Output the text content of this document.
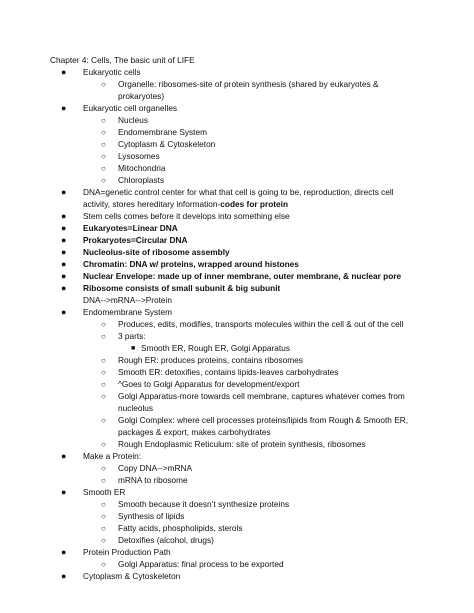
Chapter 4: Cells, The basic unit of LIFE
● Eukaryotic cells
○ Organelle: ribosomes-site of protein synthesis (shared by eukaryotes &
prokaryotes)
● Eukaryotic cell organelles
○ Nucleus
○ Endomembrane System
○ Cytoplasm & Cytoskeleton
○ Lysosomes
○ Mitochondria
○ Chloroplasts
● DNA=genetic control center for what that cell is going to be, reproduction, directs cell
activity, stores hereditary information-codes for protein
● Stem cells comes before it develops into something else
● Eukaryotes=Linear DNA
● Prokaryotes=Circular DNA
● Nucleolus-site of ribosome assembly
● Chromatin: DNA w/ proteins, wrapped around histones
● Nuclear Envelope: made up of inner membrane, outer membrane, & nuclear pore
● Ribosome consists of small subunit & big subunit
DNA-->mRNA-->Protein
● Endomembrane System
○ Produces, edits, modifies, transports molecules within the cell & out of the cell
○ 3 parts:
■ Smooth ER, Rough ER, Golgi Apparatus
○ Rough ER: produces proteins, contains ribosomes
○ Smooth ER: detoxifies, contains lipids-leaves carbohydrates
○ ^Goes to Golgi Apparatus for development/export
○ Golgi Apparatus-more towards cell membrane, captures whatever comes from
nucleolus
○ Golgi Complex: where cell processes proteins/lipids from Rough & Smooth ER,
packages & export, makes carbohydrates
○ Rough Endoplasmic Reticulum: site of protein synthesis, ribosomes
● Make a Protein:
○ Copy DNA-->mRNA
○ mRNA to ribosome
● Smooth ER
○ Smooth because it doesn’t synthesize proteins
○ Synthesis of lipids
○ Fatty acids, phospholipids, sterols
○ Detoxifies (alcohol, drugs)
● Protein Production Path
○ Golgi Apparatus: final process to be exported
● Cytoplasm & Cytoskeleton
